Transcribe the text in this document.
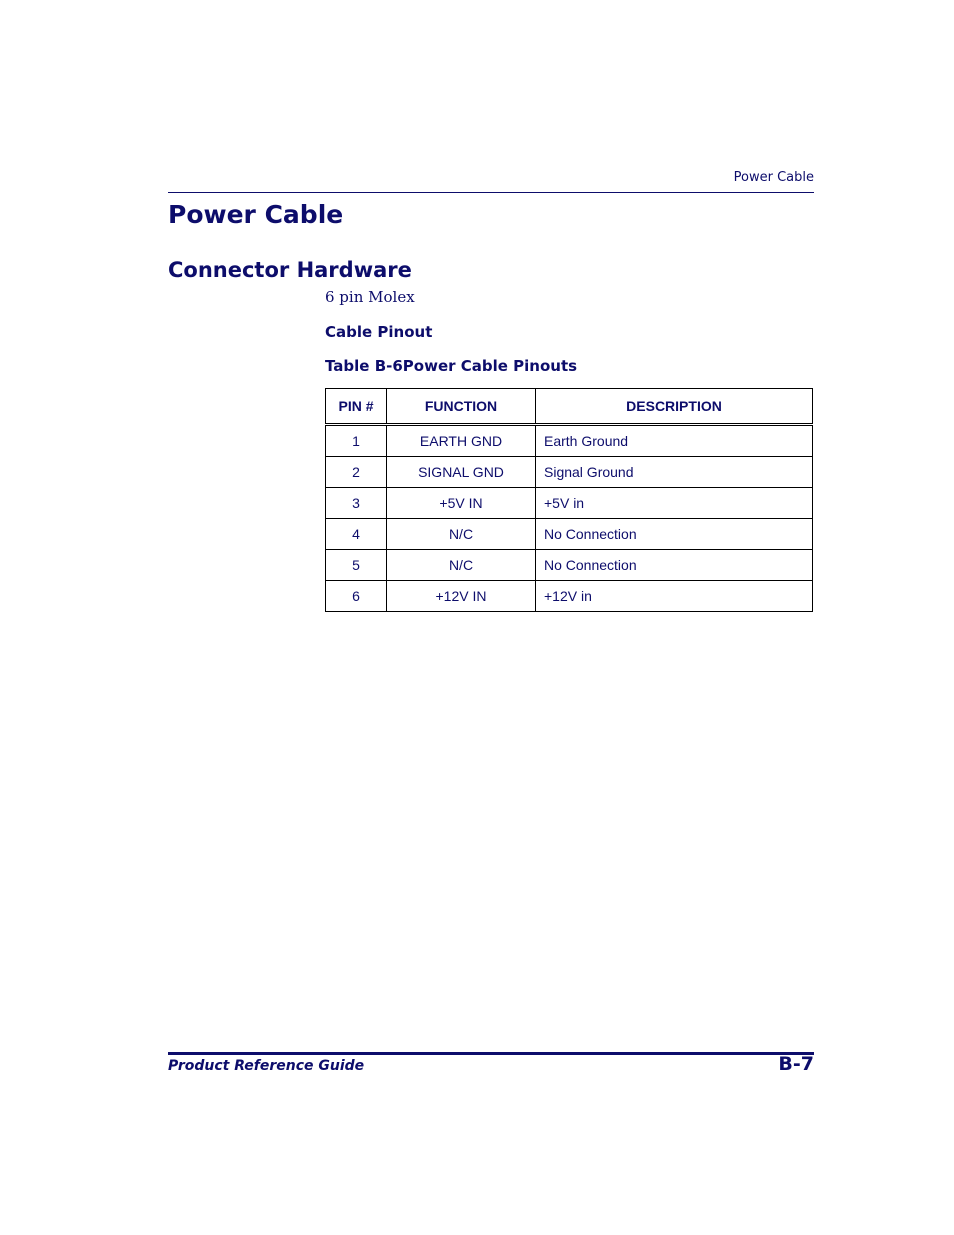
Power Cable
Power Cable
Connector Hardware

6 pin Molex

Cable Pinout
Table B-6Power Cable Pinouts
PIN #	FUNCTION	DESCRIPTION
1	EARTH GND	Earth Ground
2	SIGNAL GND	Signal Ground
3	+5V IN	+5V in
4	N/C	No Connection
5	N/C	No Connection
6	+12V IN	+12V in
Product Reference Guide	B-7
